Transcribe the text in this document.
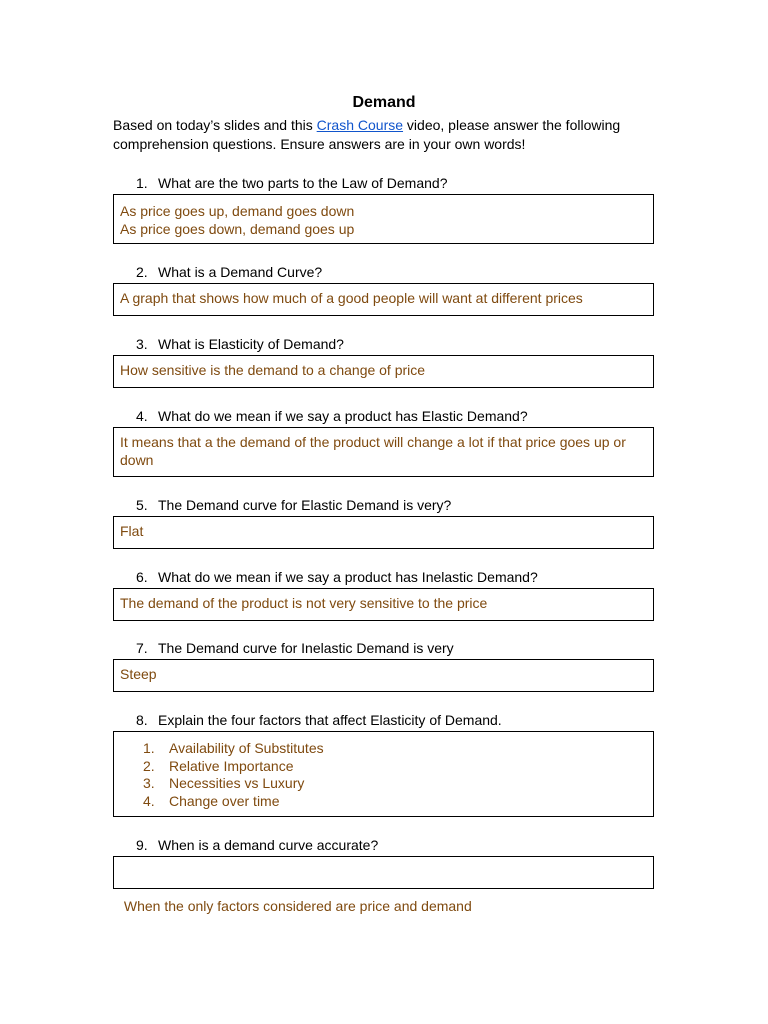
Demand
Based on today’s slides and this Crash Course video, please answer the following comprehension questions. Ensure answers are in your own words!
1. What are the two parts to the Law of Demand?
As price goes up, demand goes down
As price goes down, demand goes up
2. What is a Demand Curve?
A graph that shows how much of a good people will want at different prices
3. What is Elasticity of Demand?
How sensitive is the demand to a change of price
4. What do we mean if we say a product has Elastic Demand?
It means that a the demand of the product will change a lot if that price goes up or
down
5. The Demand curve for Elastic Demand is very?
Flat
6. What do we mean if we say a product has Inelastic Demand?
The demand of the product is not very sensitive to the price
7. The Demand curve for Inelastic Demand is very
Steep
8. Explain the four factors that affect Elasticity of Demand.
1. Availability of Substitutes
2. Relative Importance
3. Necessities vs Luxury
4. Change over time
9. When is a demand curve accurate?

When the only factors considered are price and demand
